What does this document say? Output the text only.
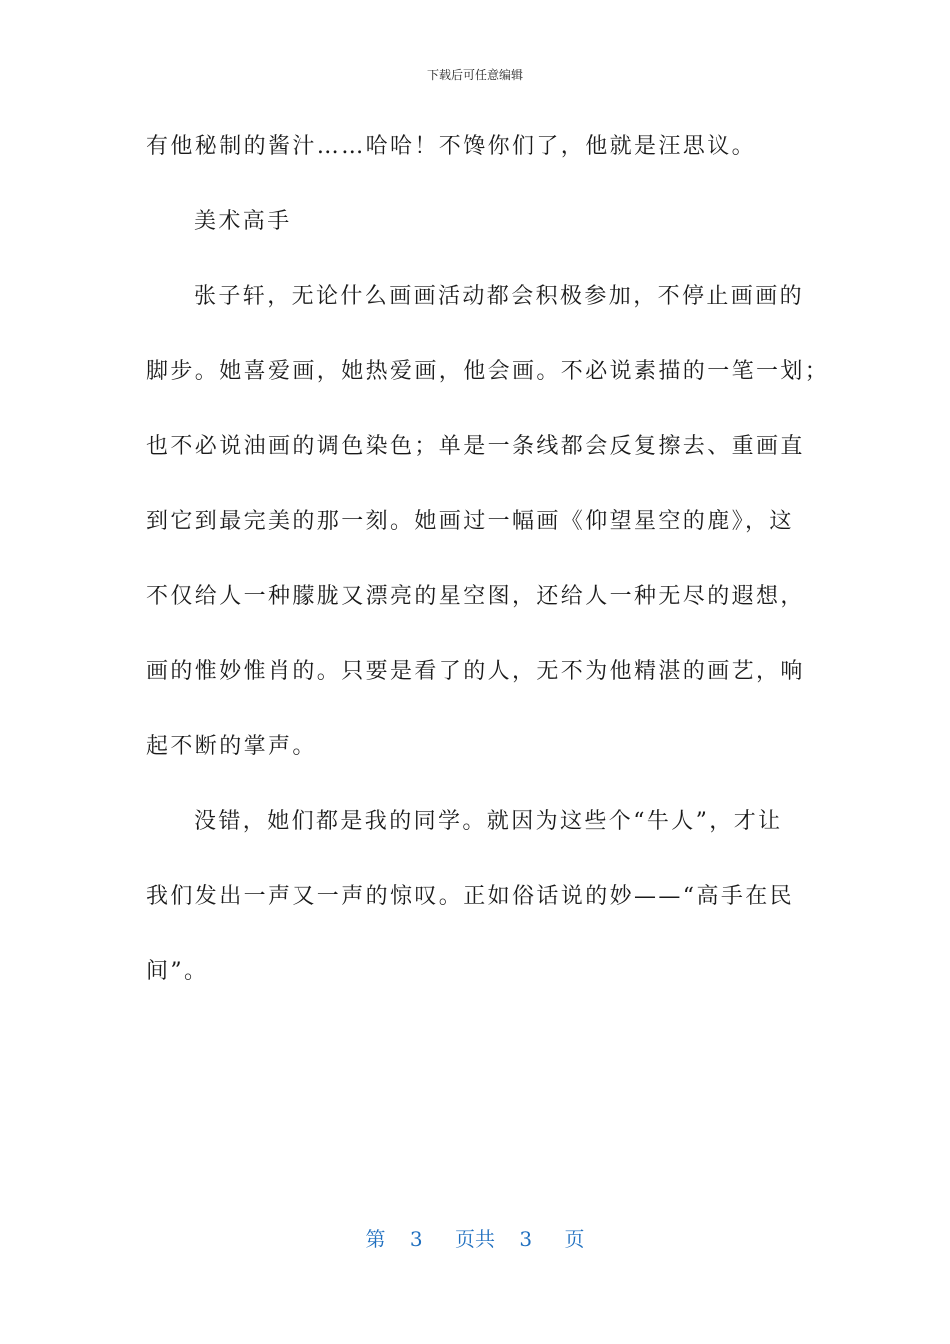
下载后可任意编辑
有他秘制的酱汁……哈哈！不馋你们了，他就是汪思议。
美术高手
张子轩，无论什么画画活动都会积极参加，不停止画画的
脚步。她喜爱画，她热爱画，他会画。不必说素描的一笔一划；
也不必说油画的调色染色；单是一条线都会反复擦去、重画直
到它到最完美的那一刻。她画过一幅画《仰望星空的鹿》，这
不仅给人一种朦胧又漂亮的星空图，还给人一种无尽的遐想，
画的惟妙惟肖的。只要是看了的人，无不为他精湛的画艺，响
起不断的掌声。
没错，她们都是我的同学。就因为这些个“牛人”，才让
我们发出一声又一声的惊叹。正如俗话说的妙——“高手在民
间”。
第 3 页共 3 页
